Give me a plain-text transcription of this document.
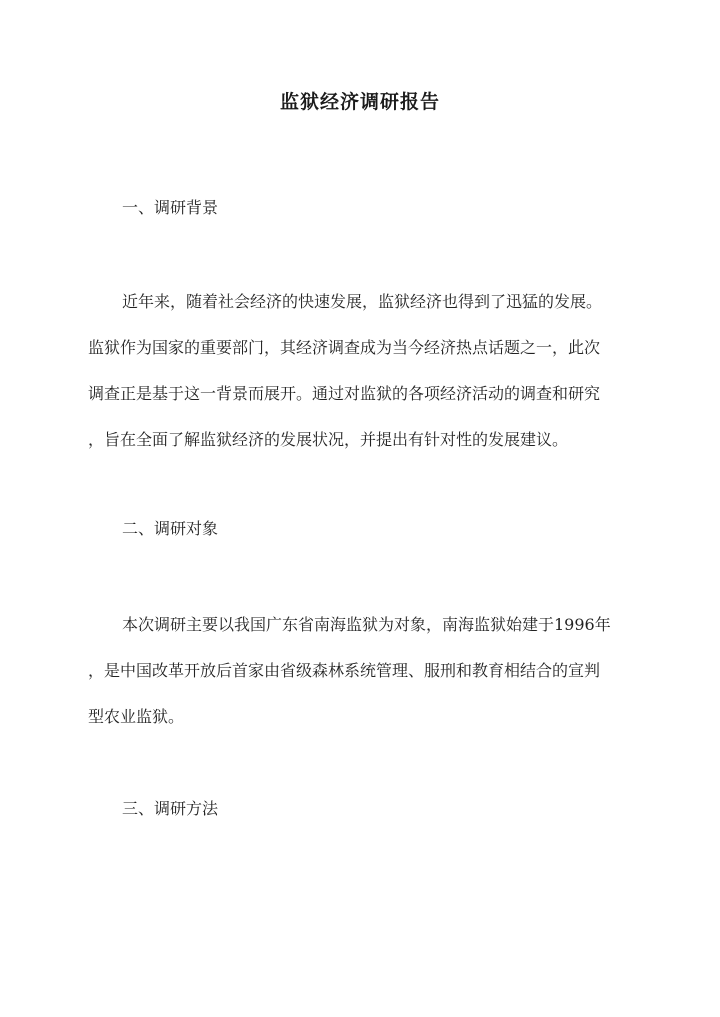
监狱经济调研报告
一、调研背景
近年来，随着社会经济的快速发展，监狱经济也得到了迅猛的发展。
监狱作为国家的重要部门，其经济调查成为当今经济热点话题之一，此次
调查正是基于这一背景而展开。通过对监狱的各项经济活动的调查和研究
，旨在全面了解监狱经济的发展状况，并提出有针对性的发展建议。
二、调研对象
本次调研主要以我国广东省南海监狱为对象，南海监狱始建于1996年
，是中国改革开放后首家由省级森林系统管理、服刑和教育相结合的宣判
型农业监狱。
三、调研方法
